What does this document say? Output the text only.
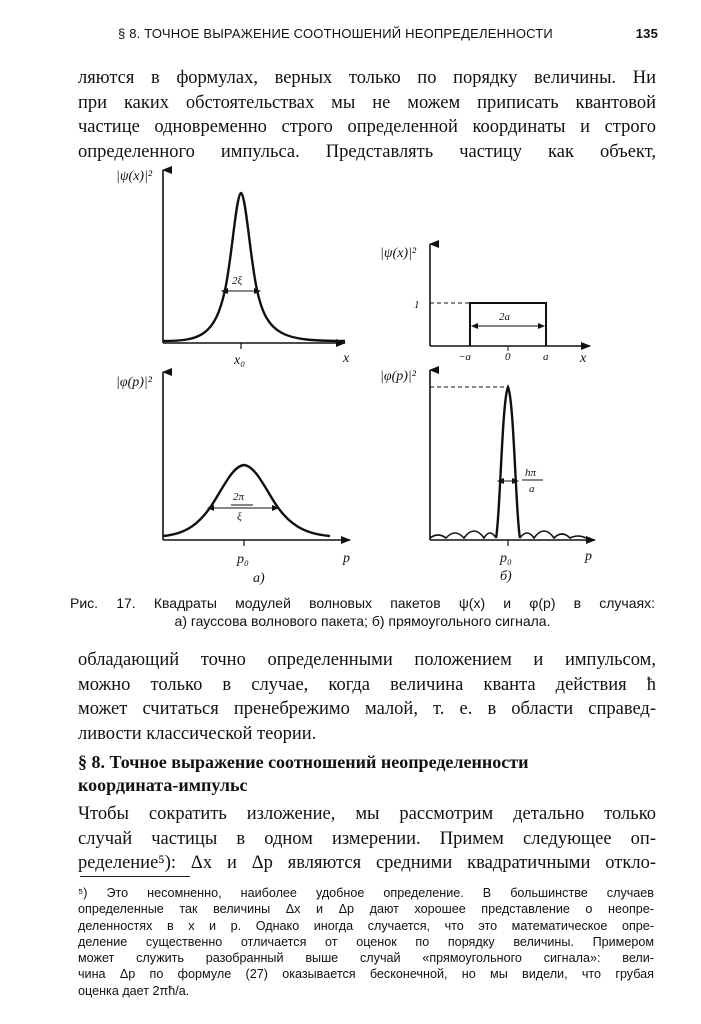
§ 8. ТОЧНОЕ ВЫРАЖЕНИЕ СООТНОШЕНИЙ НЕОПРЕДЕЛЕННОСТИ	135
ляются в формулах, верных только по порядку величины. Ни
при каких обстоятельствах мы не можем приписать квантовой
частице одновременно строго определенной координаты и строго
определенного импульса. Представлять частицу как объект,
|ψ(x)|²
x
x₀
2ξ
|φ(p)|²
p
p₀
2π
ξ
а)
|ψ(x)|²
1
2a
−a	0	a x
|φ(p)|²
hπ
a
p
p₀
б)
Рис. 17. Квадраты модулей волновых пакетов ψ(x) и φ(p) в случаях:
а) гауссова волнового пакета; б) прямоугольного сигнала.
обладающий точно определенными положением и импульсом,
можно только в случае, когда величина кванта действия ħ
может считаться пренебрежимо малой, т. е. в области справед-
ливости классической теории.
§ 8. Точное выражение соотношений неопределенности
координата-импульс
Чтобы сократить изложение, мы рассмотрим детально только
случай частицы в одном измерении. Примем следующее оп-
ределение⁵): Δx и Δp являются средними квадратичными откло-
⁵) Это несомненно, наиболее удобное определение. В большинстве случаев
определенные так величины Δx и Δp дают хорошее представление о неопре-
деленностях в x и p. Однако иногда случается, что это математическое опре-
деление существенно отличается от оценок по порядку величины. Примером
может служить разобранный выше случай «прямоугольного сигнала»: вели-
чина Δp по формуле (27) оказывается бесконечной, но мы видели, что грубая
оценка дает 2πħ/a.
